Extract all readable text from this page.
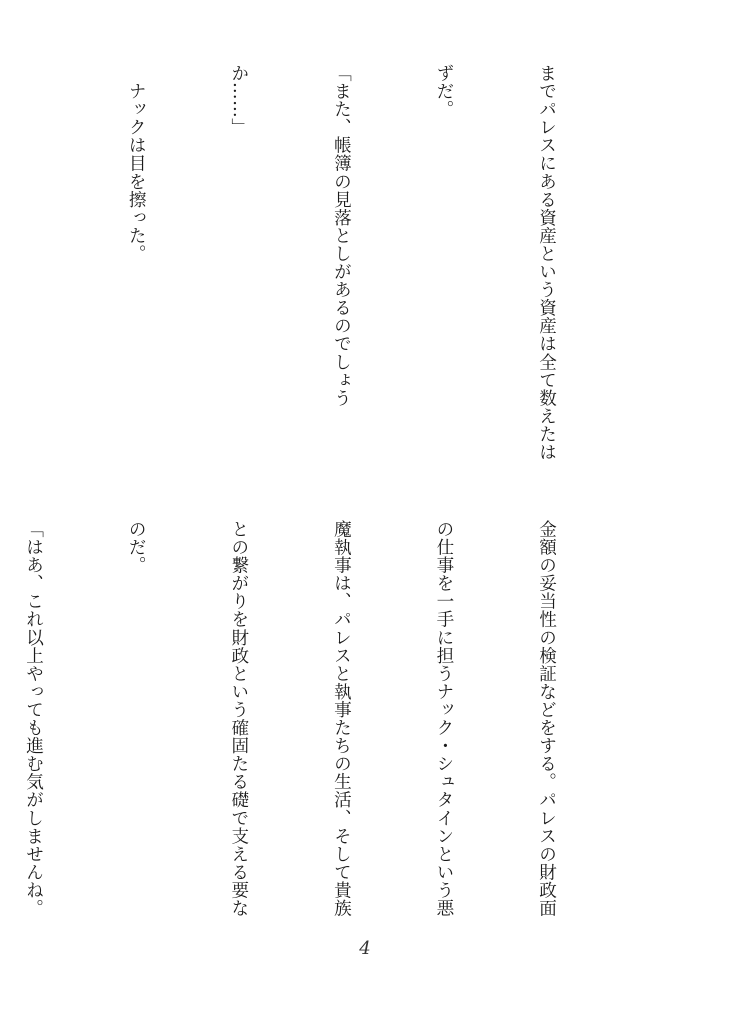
までパレスにある資産という資産は全て数えたは

ずだ。

「また、帳簿の見落としがあるのでしょう

か……」

　ナックは目を擦った。

金額の妥当性の検証などをする。パレスの財政面

の仕事を一手に担うナック・シュタインという悪

魔執事は、パレスと執事たちの生活、そして貴族

との繋がりを財政という確固たる礎で支える要な

のだ。

「はあ、これ以上やっても進む気がしませんね。

4
